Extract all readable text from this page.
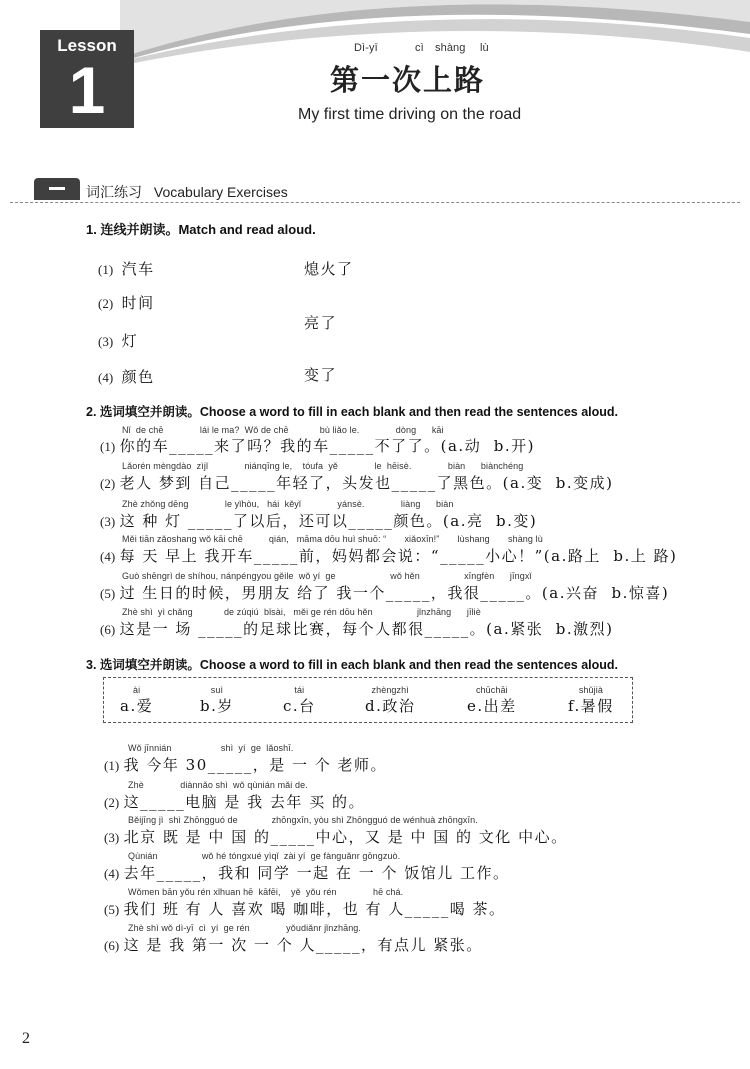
Lesson
1
Dì-yī	cì shàng lù
第一次上路
My first time driving on the road
词汇练习 Vocabulary Exercises
1. 连线并朗读。Match and read aloud.
(1) 汽车
(2) 时间
(3) 灯
(4) 颜色
熄火了
亮了
变了
2. 选词填空并朗读。Choose a word to fill in each blank and then read the sentences aloud.
Nǐ  de chē              lái le ma?  Wǒ de chē            bù liǎo le.              dòng      kāi
(1) 你的车_____来了吗？我的车_____不了了。(a.动  b.开)
Lǎorén mèngdào  zìjǐ              niánqīng le,    tóufa  yě              le  hēisè.              biàn      biànchéng
(2) 老人 梦到 自己_____年轻了，头发也_____了黑色。(a.变  b.变成)
Zhè zhǒng dēng              le yǐhòu,   hái  kěyǐ              yánsè.              liàng      biàn
(3) 这 种 灯 _____了以后，还可以_____颜色。(a.亮  b.变)
Měi tiān zǎoshang wǒ kāi chē          qián,   māma dōu huì shuō: “       xiǎoxīn!”       lùshang       shàng lù
(4) 每 天 早上 我开车_____前，妈妈都会说：“_____小心！”(a.路上  b.上 路)
Guò shēngrì de shíhou, nánpéngyou gěile  wǒ yí  ge                     wǒ hěn                 xīngfèn      jīngxǐ
(5) 过 生日的时候，男朋友 给了 我一个_____，我很_____。(a.兴奋  b.惊喜)
Zhè shì  yì chǎng            de zúqiú  bǐsài,   měi ge rén dōu hěn                 jǐnzhāng      jīliè
(6) 这是一 场 _____的足球比赛，每个人都很_____。(a.紧张  b.激烈)
3. 选词填空并朗读。Choose a word to fill in each blank and then read the sentences aloud.
ài
a.爱
suì
b.岁
tái
c.台
zhèngzhì
d.政治
chūchāi
e.出差
shǔjià
f.暑假
Wǒ jīnnián                   shì  yí  ge  lǎoshī.
(1) 我 今年 30_____，是 一 个 老师。
Zhè              diànnǎo shì  wǒ qùnián mǎi de.
(2) 这_____电脑 是 我 去年 买 的。
Běijīng jì  shì Zhōngguó de             zhōngxīn, yòu shì Zhōngguó de wénhuà zhōngxīn.
(3) 北京 既 是 中 国 的_____中心，又 是 中 国 的 文化 中心。
Qùnián                 wǒ hé tóngxué yìqǐ  zài yí  ge fànguǎnr gōngzuò.
(4) 去年_____，我和 同学 一起 在 一 个 饭馆儿 工作。
Wǒmen bān yǒu rén xǐhuan hē  kāfēi,    yě  yǒu rén              hē chá.
(5) 我们 班 有 人 喜欢 喝 咖啡，也 有 人_____喝 茶。
Zhè shì wǒ dì-yī  cì  yí  ge rén              yǒudiǎnr jǐnzhāng.
(6) 这 是 我 第一 次 一 个 人_____，有点儿 紧张。
2
